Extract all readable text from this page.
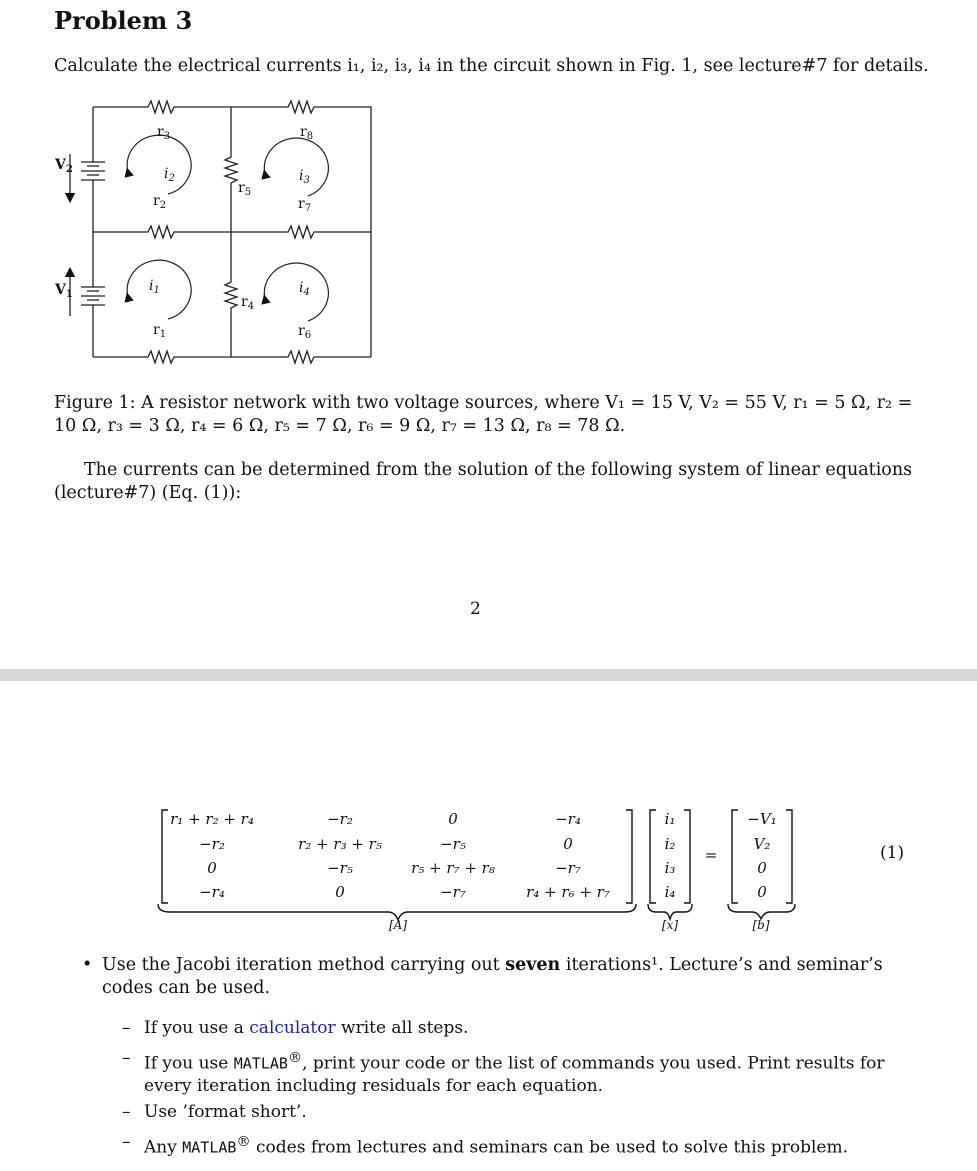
Problem 3

Calculate the electrical currents i₁, i₂, i₃, i₄ in the circuit shown in Fig. 1, see lecture#7 for details.

$r_3$	$r_8$
$r_2$	$r_7$
$r_5$
$r_4$
$r_1$	$r_6$
$i_2$	$i_3$
$i_1$	$i_4$
$V_2$
$V_1$

Figure 1: A resistor network with two voltage sources, where V₁ = 15 V, V₂ = 55 V, r₁ = 5 Ω, r₂ = 10 Ω, r₃ = 3 Ω, r₄ = 6 Ω, r₅ = 7 Ω, r₆ = 9 Ω, r₇ = 13 Ω, r₈ = 78 Ω.

The currents can be determined from the solution of the following system of linear equations (lecture#7) (Eq. (1)):

2
r₁ + r₂ + r₄	−r₂	0	−r₄
−r₂	r₂ + r₃ + r₅	−r₅	0
0	−r₅	r₅ + r₇ + r₈	−r₇
−r₄	0	−r₇	r₄ + r₆ + r₇
i₁
i₂
i₃
i₄
=
−V₁
V₂
0
0
[A]	[x]	[b]
(1)
• Use the Jacobi iteration method carrying out seven iterations¹. Lecture’s and seminar’s codes can be used.
– If you use a calculator write all steps.
– If you use MATLAB®, print your code or the list of commands you used. Print results for every iteration including residuals for each equation.
– Use ’format short’.
– Any MATLAB® codes from lectures and seminars can be used to solve this problem.
